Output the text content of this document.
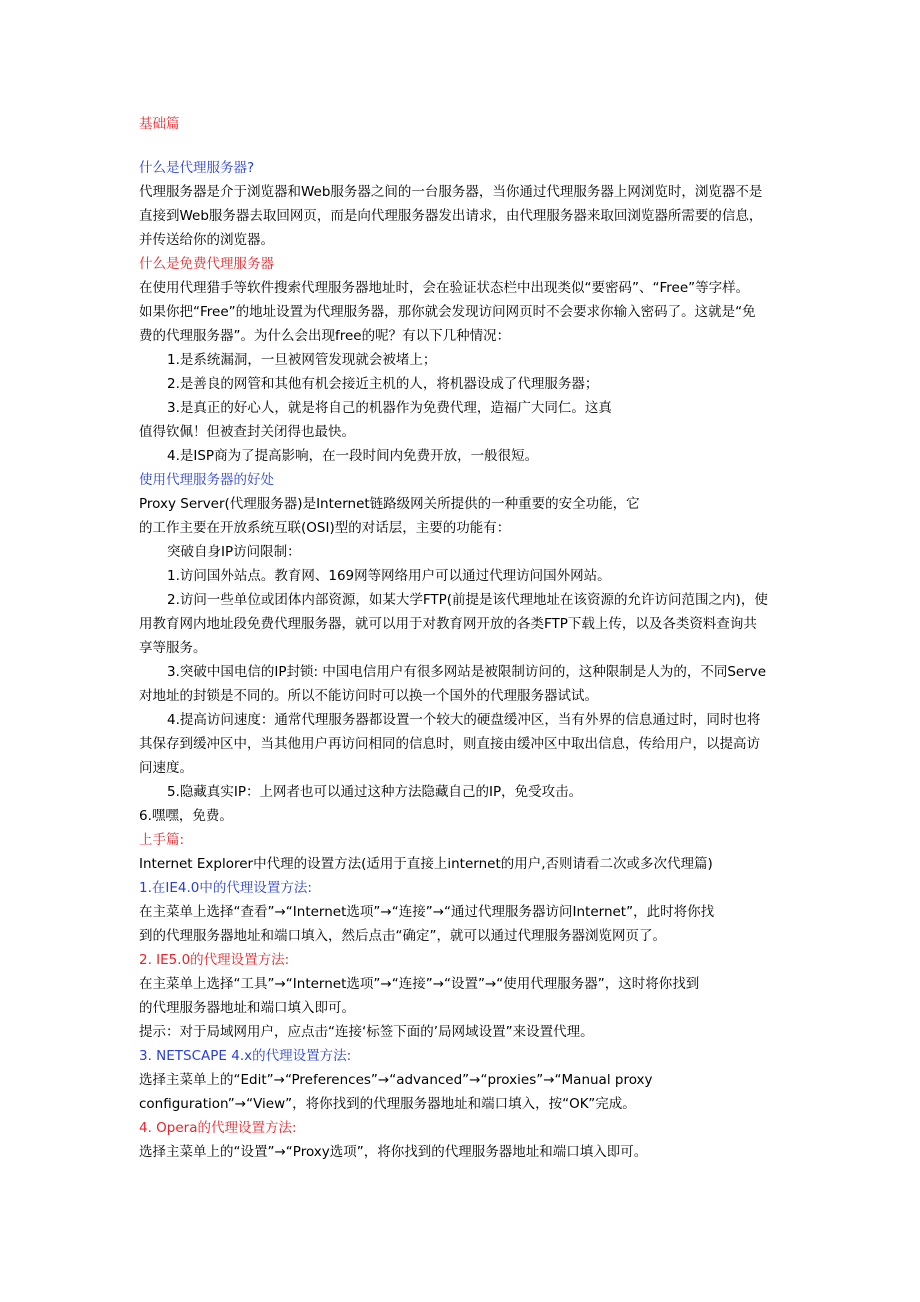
基础篇
什么是代理服务器?
代理服务器是介于浏览器和Web服务器之间的一台服务器，当你通过代理服务器上网浏览时，浏览器不是
直接到Web服务器去取回网页，而是向代理服务器发出请求，由代理服务器来取回浏览器所需要的信息，
并传送给你的浏览器。
什么是免费代理服务器
在使用代理猎手等软件搜索代理服务器地址时，会在验证状态栏中出现类似“要密码”、“Free”等字样。
如果你把“Free”的地址设置为代理服务器，那你就会发现访问网页时不会要求你输入密码了。这就是“免
费的代理服务器”。为什么会出现free的呢？有以下几种情况：
1.是系统漏洞，一旦被网管发现就会被堵上；
2.是善良的网管和其他有机会接近主机的人，将机器设成了代理服务器；
3.是真正的好心人，就是将自己的机器作为免费代理，造福广大同仁。这真
值得钦佩！但被查封关闭得也最快。
4.是ISP商为了提高影响，在一段时间内免费开放，一般很短。
使用代理服务器的好处
Proxy Server(代理服务器)是Internet链路级网关所提供的一种重要的安全功能，它
的工作主要在开放系统互联(OSI)型的对话层，主要的功能有：
突破自身IP访问限制：
1.访问国外站点。教育网、169网等网络用户可以通过代理访问国外网站。
2.访问一些单位或团体内部资源，如某大学FTP(前提是该代理地址在该资源的允许访问范围之内)，使
用教育网内地址段免费代理服务器，就可以用于对教育网开放的各类FTP下载上传，以及各类资料查询共
享等服务。
3.突破中国电信的IP封锁: 中国电信用户有很多网站是被限制访问的，这种限制是人为的，不同Serve
对地址的封锁是不同的。所以不能访问时可以换一个国外的代理服务器试试。
4.提高访问速度：通常代理服务器都设置一个较大的硬盘缓冲区，当有外界的信息通过时，同时也将
其保存到缓冲区中，当其他用户再访问相同的信息时，则直接由缓冲区中取出信息，传给用户，以提高访
问速度。
5.隐藏真实IP：上网者也可以通过这种方法隐藏自己的IP，免受攻击。
6.嘿嘿，免费。
上手篇:
Internet Explorer中代理的设置方法(适用于直接上internet的用户,否则请看二次或多次代理篇)
1.在IE4.0中的代理设置方法:
在主菜单上选择“查看”→“Internet选项”→“连接”→“通过代理服务器访问Internet”，此时将你找
到的代理服务器地址和端口填入，然后点击“确定”，就可以通过代理服务器浏览网页了。
2. IE5.0的代理设置方法:
在主菜单上选择“工具”→“Internet选项”→“连接”→“设置”→“使用代理服务器”，这时将你找到
的代理服务器地址和端口填入即可。
提示：对于局域网用户，应点击“连接‘标签下面的’局网域设置”来设置代理。
3. NETSCAPE 4.x的代理设置方法:
选择主菜单上的“Edit”→“Preferences”→“advanced”→“proxies”→“Manual proxy
configuration”→“View”，将你找到的代理服务器地址和端口填入，按“OK”完成。
4. Opera的代理设置方法:
选择主菜单上的“设置”→“Proxy选项”，将你找到的代理服务器地址和端口填入即可。
